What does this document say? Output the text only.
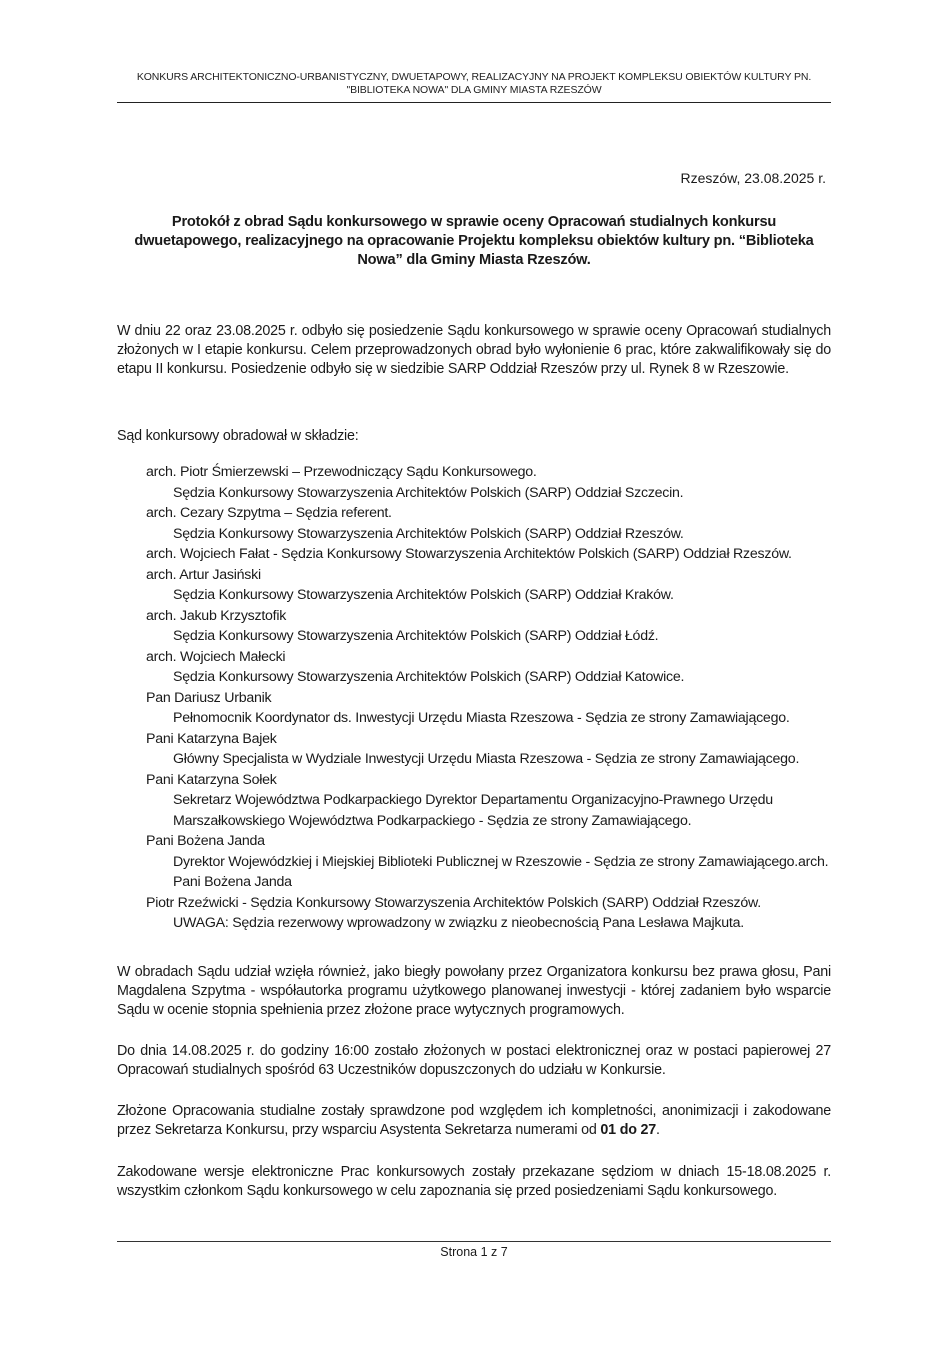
KONKURS ARCHITEKTONICZNO-URBANISTYCZNY, DWUETAPOWY, REALIZACYJNY NA PROJEKT KOMPLEKSU OBIEKTÓW KULTURY PN.
"BIBLIOTEKA NOWA" DLA GMINY MIASTA RZESZÓW
Rzeszów, 23.08.2025 r.
Protokół z obrad Sądu konkursowego w sprawie oceny Opracowań studialnych konkursu dwuetapowego, realizacyjnego na opracowanie Projektu kompleksu obiektów kultury pn. “Biblioteka Nowa” dla Gminy Miasta Rzeszów.
W dniu 22 oraz 23.08.2025 r. odbyło się posiedzenie Sądu konkursowego w sprawie oceny Opracowań studialnych złożonych w I etapie konkursu. Celem przeprowadzonych obrad było wyłonienie 6 prac, które zakwalifikowały się do etapu II konkursu. Posiedzenie odbyło się w siedzibie SARP Oddział Rzeszów przy ul. Rynek 8 w Rzeszowie.
Sąd konkursowy obradował w składzie:
arch. Piotr Śmierzewski – Przewodniczący Sądu Konkursowego.
Sędzia Konkursowy Stowarzyszenia Architektów Polskich (SARP) Oddział Szczecin.
arch. Cezary Szpytma – Sędzia referent.
Sędzia Konkursowy Stowarzyszenia Architektów Polskich (SARP) Oddział Rzeszów.
arch. Wojciech Fałat - Sędzia Konkursowy Stowarzyszenia Architektów Polskich (SARP) Oddział Rzeszów.
arch. Artur Jasiński
Sędzia Konkursowy Stowarzyszenia Architektów Polskich (SARP) Oddział Kraków.
arch. Jakub Krzysztofik
Sędzia Konkursowy Stowarzyszenia Architektów Polskich (SARP) Oddział Łódź.
arch. Wojciech Małecki
Sędzia Konkursowy Stowarzyszenia Architektów Polskich (SARP) Oddział Katowice.
Pan Dariusz Urbanik
Pełnomocnik Koordynator ds. Inwestycji Urzędu Miasta Rzeszowa - Sędzia ze strony Zamawiającego.
Pani Katarzyna Bajek
Główny Specjalista w Wydziale Inwestycji Urzędu Miasta Rzeszowa - Sędzia ze strony Zamawiającego.
Pani Katarzyna Sołek
Sekretarz Województwa Podkarpackiego Dyrektor Departamentu Organizacyjno-Prawnego Urzędu Marszałkowskiego Województwa Podkarpackiego - Sędzia ze strony Zamawiającego.
Pani Bożena Janda
Dyrektor Wojewódzkiej i Miejskiej Biblioteki Publicznej w Rzeszowie - Sędzia ze strony Zamawiającego.arch. Pani Bożena Janda
Piotr Rzeźwicki - Sędzia Konkursowy Stowarzyszenia Architektów Polskich (SARP) Oddział Rzeszów.
UWAGA: Sędzia rezerwowy wprowadzony w związku z nieobecnością Pana Lesława Majkuta.
W obradach Sądu udział wzięła również, jako biegły powołany przez Organizatora konkursu bez prawa głosu, Pani Magdalena Szpytma - współautorka programu użytkowego planowanej inwestycji - której zadaniem było wsparcie Sądu w ocenie stopnia spełnienia przez złożone prace wytycznych programowych.
Do dnia 14.08.2025 r. do godziny 16:00 zostało złożonych w postaci elektronicznej oraz w postaci papierowej 27 Opracowań studialnych spośród 63 Uczestników dopuszczonych do udziału w Konkursie.
Złożone Opracowania studialne zostały sprawdzone pod względem ich kompletności, anonimizacji i zakodowane przez Sekretarza Konkursu, przy wsparciu Asystenta Sekretarza numerami od 01 do 27.
Zakodowane wersje elektroniczne Prac konkursowych zostały przekazane sędziom w dniach 15-18.08.2025 r. wszystkim członkom Sądu konkursowego w celu zapoznania się przed posiedzeniami Sądu konkursowego.
Strona 1 z 7
